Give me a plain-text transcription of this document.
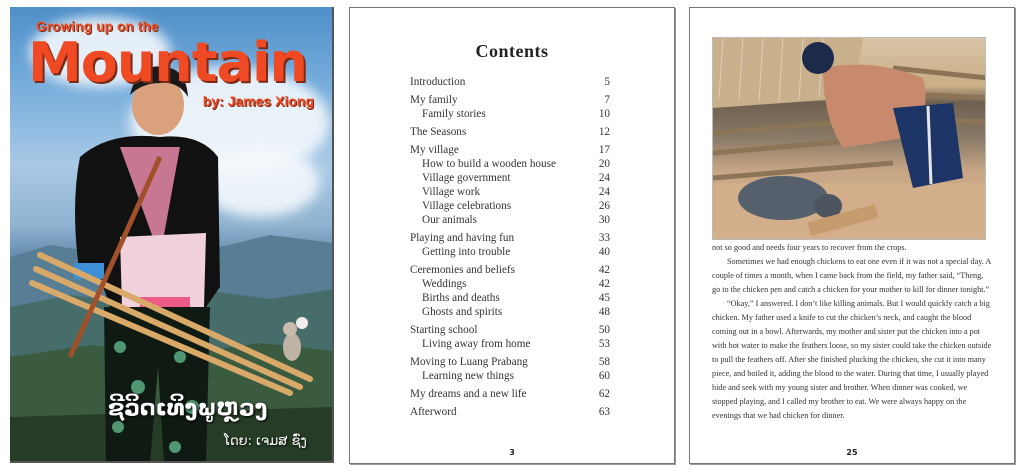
Growing up on the
Mountain
by: James Xiong
ຊີວິດເທິງພູຫຼວງ
ໂດຍ: ເຈມສ ຊົ່ງ
Contents
Introduction	5
My family	7
Family stories	10
The Seasons	12
My village	17
How to build a wooden house	20
Village government	24
Village work	24
Village celebrations	26
Our animals	30
Playing and having fun	33
Getting into trouble	40
Ceremonies and beliefs	42
Weddings	42
Births and deaths	45
Ghosts and spirits	48
Starting school	50
Living away from home	53
Moving to Luang Prabang	58
Learning new things	60
My dreams and a new life	62
Afterword	63
3

not so good and needs four years to recover from the crops.

Sometimes we had enough chickens to eat one even if it was not a special day. A couple of times a month, when I came back from the field, my father said, “Theng, go to the chicken pen and catch a chicken for your mother to kill for dinner tonight.”

“Okay,” I answered. I don’t like killing animals. But I would quickly catch a big chicken. My father used a knife to cut the chicken’s neck, and caught the blood coming out in a bowl. Afterwards, my mother and sister put the chicken into a pot with hot water to make the feathers loose, so my sister could take the chicken outside to pull the feathers off. After she finished plucking the chicken, she cut it into many piece, and boiled it, adding the blood to the water. During that time, I usually played hide and seek with my young sister and brother. When dinner was cooked, we stopped playing, and I called my brother to eat. We were always happy on the evenings that we had chicken for dinner.

25
